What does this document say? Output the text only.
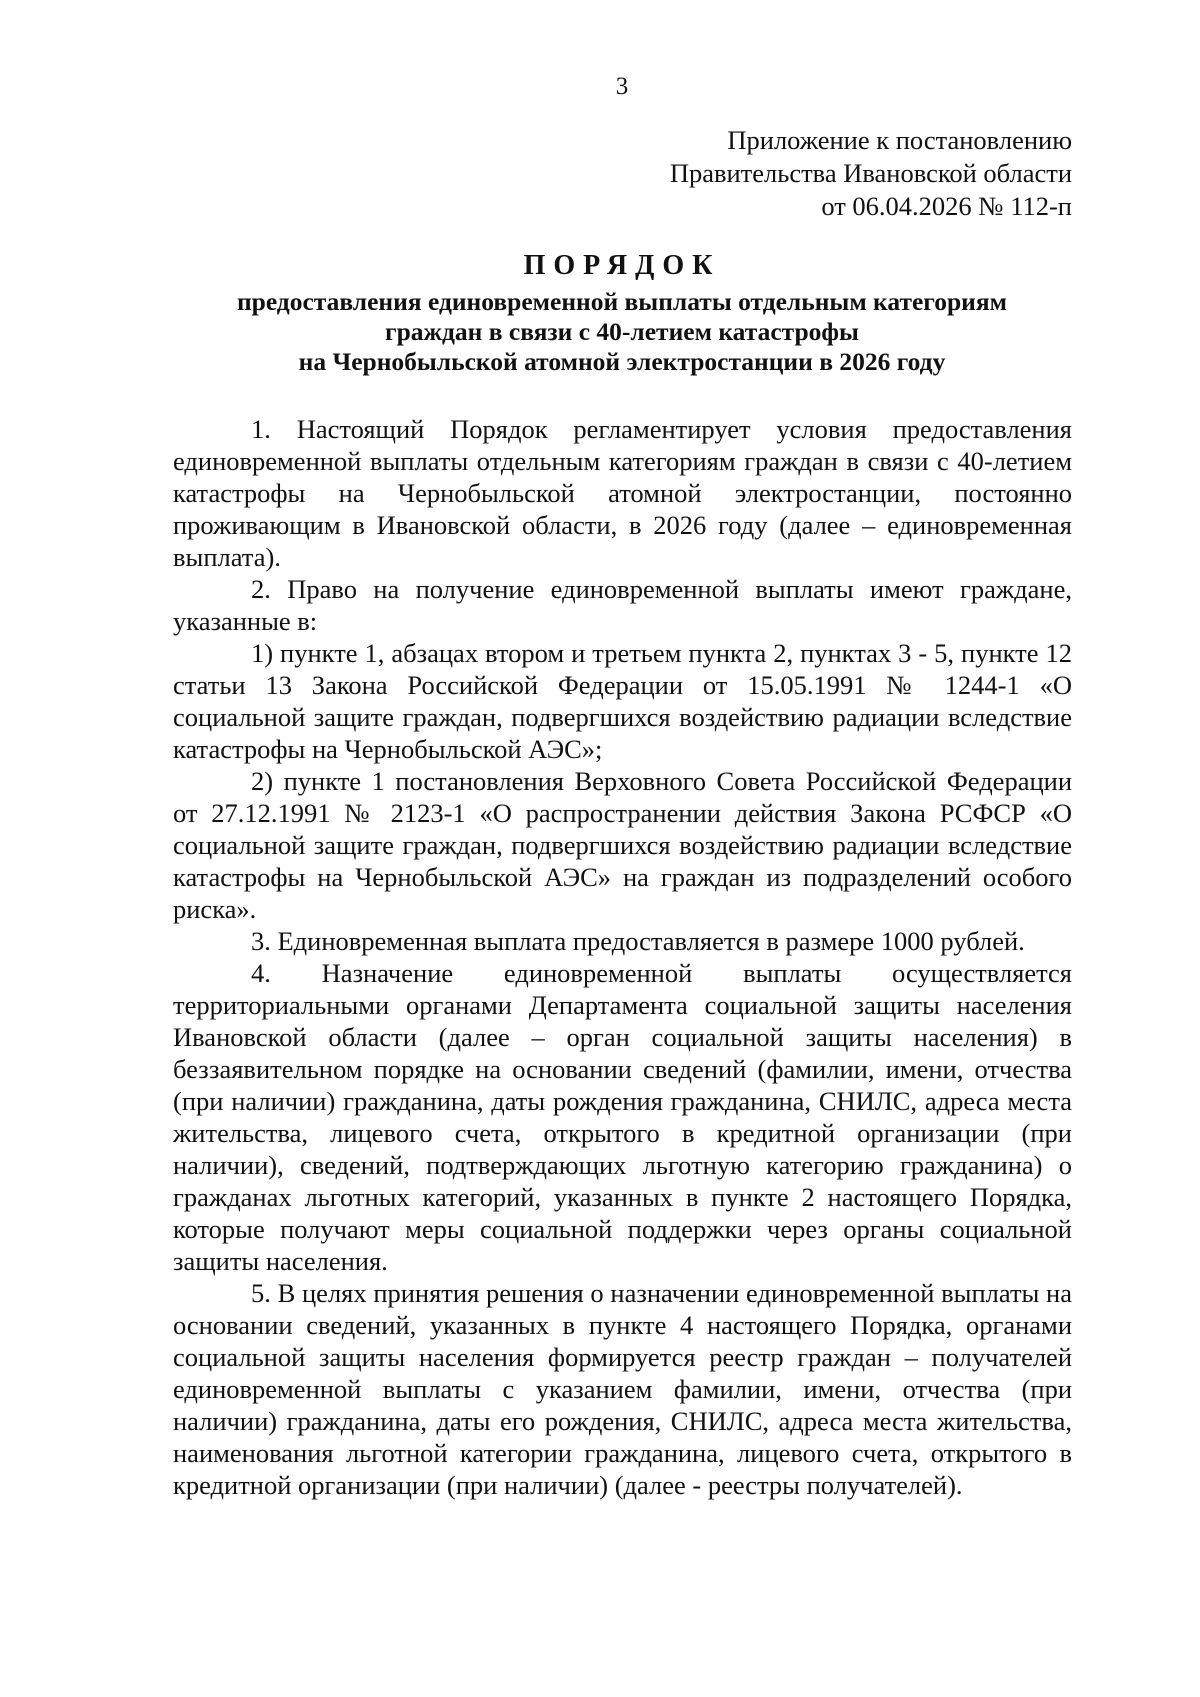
3
Приложение к постановлению
Правительства Ивановской области
от 06.04.2026 № 112-п
ПОРЯДОК
предоставления единовременной выплаты отдельным категориям
граждан в связи с 40-летием катастрофы
на Чернобыльской атомной электростанции в 2026 году

1. Настоящий Порядок регламентирует условия предоставления единовременной выплаты отдельным категориям граждан в связи с 40-летием катастрофы на Чернобыльской атомной электростанции, постоянно проживающим в Ивановской области, в 2026 году (далее – единовременная выплата).

2. Право на получение единовременной выплаты имеют граждане, указанные в:

1) пункте 1, абзацах втором и третьем пункта 2, пунктах 3 - 5, пункте 12 статьи 13 Закона Российской Федерации от 15.05.1991 № 1244-1 «О социальной защите граждан, подвергшихся воздействию радиации вследствие катастрофы на Чернобыльской АЭС»;

2) пункте 1 постановления Верховного Совета Российской Федерации от 27.12.1991 № 2123-1 «О распространении действия Закона РСФСР «О социальной защите граждан, подвергшихся воздействию радиации вследствие катастрофы на Чернобыльской АЭС» на граждан из подразделений особого риска».

3. Единовременная выплата предоставляется в размере 1000 рублей.

4. Назначение единовременной выплаты осуществляется территориальными органами Департамента социальной защиты населения Ивановской области (далее – орган социальной защиты населения) в беззаявительном порядке на основании сведений (фамилии, имени, отчества (при наличии) гражданина, даты рождения гражданина, СНИЛС, адреса места жительства, лицевого счета, открытого в кредитной организации (при наличии), сведений, подтверждающих льготную категорию гражданина) о гражданах льготных категорий, указанных в пункте 2 настоящего Порядка, которые получают меры социальной поддержки через органы социальной защиты населения.

5. В целях принятия решения о назначении единовременной выплаты на основании сведений, указанных в пункте 4 настоящего Порядка, органами социальной защиты населения формируется реестр граждан – получателей единовременной выплаты с указанием фамилии, имени, отчества (при наличии) гражданина, даты его рождения, СНИЛС, адреса места жительства, наименования льготной категории гражданина, лицевого счета, открытого в кредитной организации (при наличии) (далее - реестры получателей).
